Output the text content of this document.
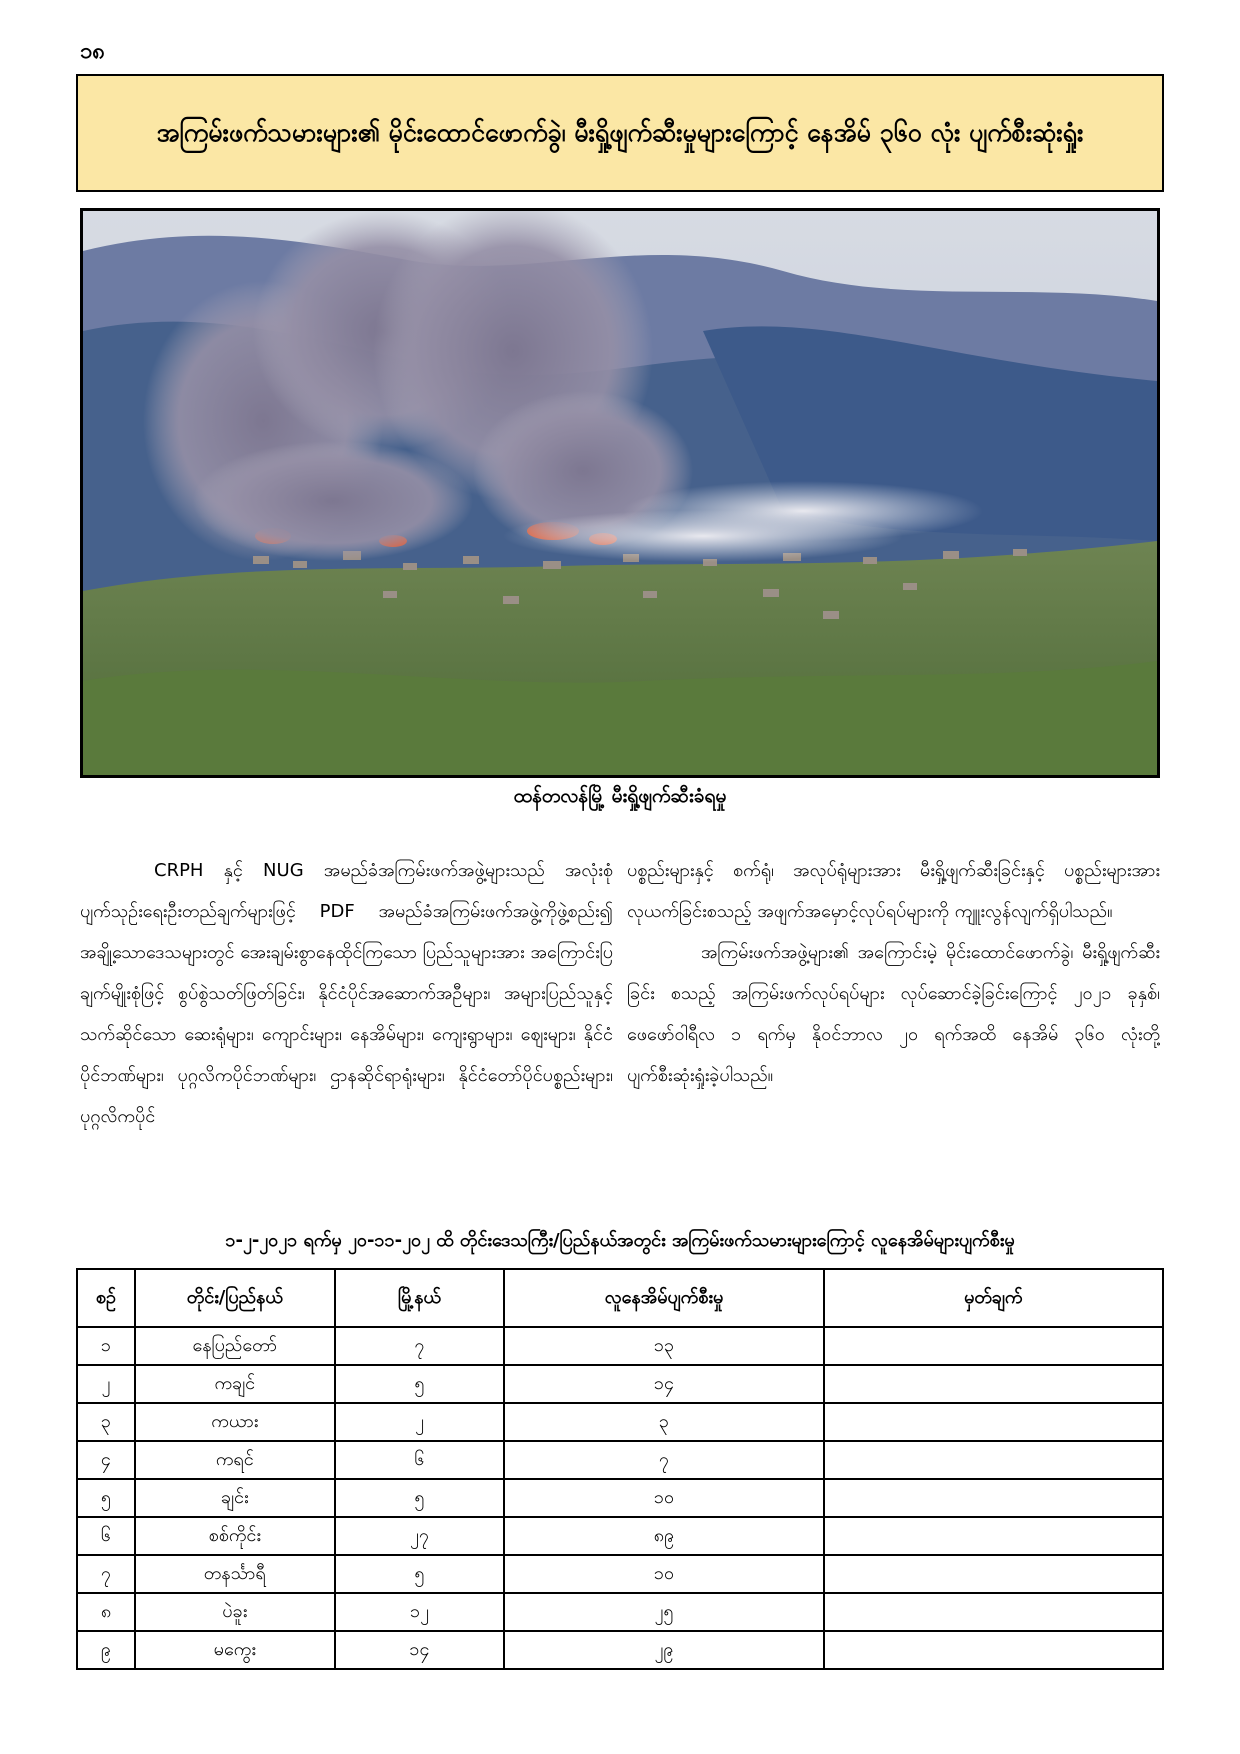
၁၈
အကြမ်းဖက်သမားများ၏ မိုင်းထောင်ဖောက်ခွဲ၊ မီးရှို့ဖျက်ဆီးမှုများကြောင့် နေအိမ် ၃၆၀ လုံး ပျက်စီးဆုံးရှုံး
ထန်တလန်မြို့ မီးရှို့ဖျက်ဆီးခံရမှု

CRPH နှင့် NUG အမည်ခံအကြမ်းဖက်အဖွဲ့များသည် အလုံးစုံပျက်သုဉ်းရေးဦးတည်ချက်များဖြင့် PDF အမည်ခံအကြမ်းဖက်အဖွဲ့ကိုဖွဲ့စည်း၍ အချို့သောဒေသများတွင် အေးချမ်းစွာနေထိုင်ကြသော ပြည်သူများအား အကြောင်းပြချက်မျိုးစုံဖြင့် စွပ်စွဲသတ်ဖြတ်ခြင်း၊ နိုင်ငံပိုင်အဆောက်အဦများ၊ အများပြည်သူနှင့်သက်ဆိုင်သော ဆေးရုံများ၊ ကျောင်းများ၊ နေအိမ်များ၊ ကျေးရွာများ၊ ဈေးများ၊ နိုင်ငံပိုင်ဘဏ်များ၊ ပုဂ္ဂလိကပိုင်ဘဏ်များ၊ ဌာနဆိုင်ရာရုံးများ၊ နိုင်ငံတော်ပိုင်ပစ္စည်းများ၊ ပုဂ္ဂလိကပိုင်

ပစ္စည်းများနှင့် စက်ရုံ၊ အလုပ်ရုံများအား မီးရှို့ဖျက်ဆီးခြင်းနှင့် ပစ္စည်းများအား လုယက်ခြင်းစသည့် အဖျက်အမှောင့်လုပ်ရပ်များကို ကျူးလွန်လျက်ရှိပါသည်။

အကြမ်းဖက်အဖွဲ့များ၏ အကြောင်းမဲ့ မိုင်းထောင်ဖောက်ခွဲ၊ မီးရှို့ဖျက်ဆီးခြင်း စသည့် အကြမ်းဖက်လုပ်ရပ်များ လုပ်ဆောင်ခဲ့ခြင်းကြောင့် ၂၀၂၁ ခုနှစ်၊ ဖေဖော်ဝါရီလ ၁ ရက်မှ နိုဝင်ဘာလ ၂၀ ရက်အထိ နေအိမ် ၃၆၀ လုံးတို့ ပျက်စီးဆုံးရှုံးခဲ့ပါသည်။

၁-၂-၂၀၂၁ ရက်မှ ၂၀-၁၁-၂၀၂ ထိ တိုင်းဒေသကြီး/ပြည်နယ်အတွင်း အကြမ်းဖက်သမားများကြောင့် လူနေအိမ်များပျက်စီးမှု
စဉ်	တိုင်း/ပြည်နယ်	မြို့နယ်	လူနေအိမ်ပျက်စီးမှု	မှတ်ချက်
၁	နေပြည်တော်	၇	၁၃	
၂	ကချင်	၅	၁၄	
၃	ကယား	၂	၃	
၄	ကရင်	၆	၇	
၅	ချင်း	၅	၁၀	
၆	စစ်ကိုင်း	၂၇	၈၉	
၇	တနင်္သာရီ	၅	၁၀	
၈	ပဲခူး	၁၂	၂၅	
၉	မကွေး	၁၄	၂၉	
